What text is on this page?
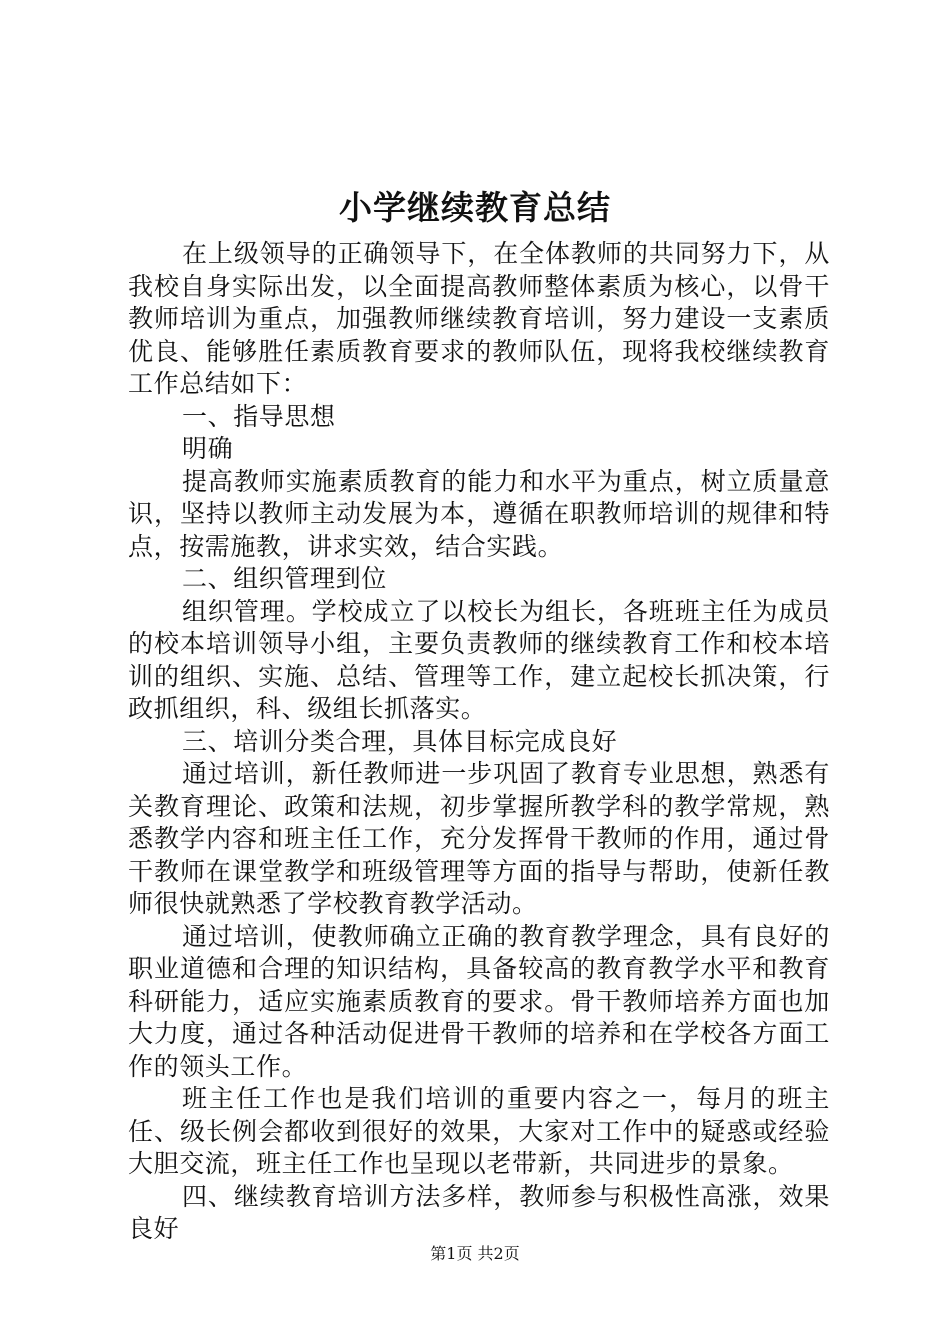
小学继续教育总结

在上级领导的正确领导下，在全体教师的共同努力下，从我校自身实际出发，以全面提高教师整体素质为核心，以骨干教师培训为重点，加强教师继续教育培训，努力建设一支素质优良、能够胜任素质教育要求的教师队伍，现将我校继续教育工作总结如下：

一、指导思想

明确

提高教师实施素质教育的能力和水平为重点，树立质量意识，坚持以教师主动发展为本，遵循在职教师培训的规律和特点，按需施教，讲求实效，结合实践。

二、组织管理到位

组织管理。学校成立了以校长为组长，各班班主任为成员的校本培训领导小组，主要负责教师的继续教育工作和校本培训的组织、实施、总结、管理等工作，建立起校长抓决策，行政抓组织，科、级组长抓落实。

三、培训分类合理，具体目标完成良好

通过培训，新任教师进一步巩固了教育专业思想，熟悉有关教育理论、政策和法规，初步掌握所教学科的教学常规，熟悉教学内容和班主任工作，充分发挥骨干教师的作用，通过骨干教师在课堂教学和班级管理等方面的指导与帮助，使新任教师很快就熟悉了学校教育教学活动。

通过培训，使教师确立正确的教育教学理念，具有良好的职业道德和合理的知识结构，具备较高的教育教学水平和教育科研能力，适应实施素质教育的要求。骨干教师培养方面也加大力度，通过各种活动促进骨干教师的培养和在学校各方面工作的领头工作。

班主任工作也是我们培训的重要内容之一，每月的班主任、级长例会都收到很好的效果，大家对工作中的疑惑或经验大胆交流，班主任工作也呈现以老带新，共同进步的景象。

四、继续教育培训方法多样，教师参与积极性高涨，效果良好

第1页 共2页
